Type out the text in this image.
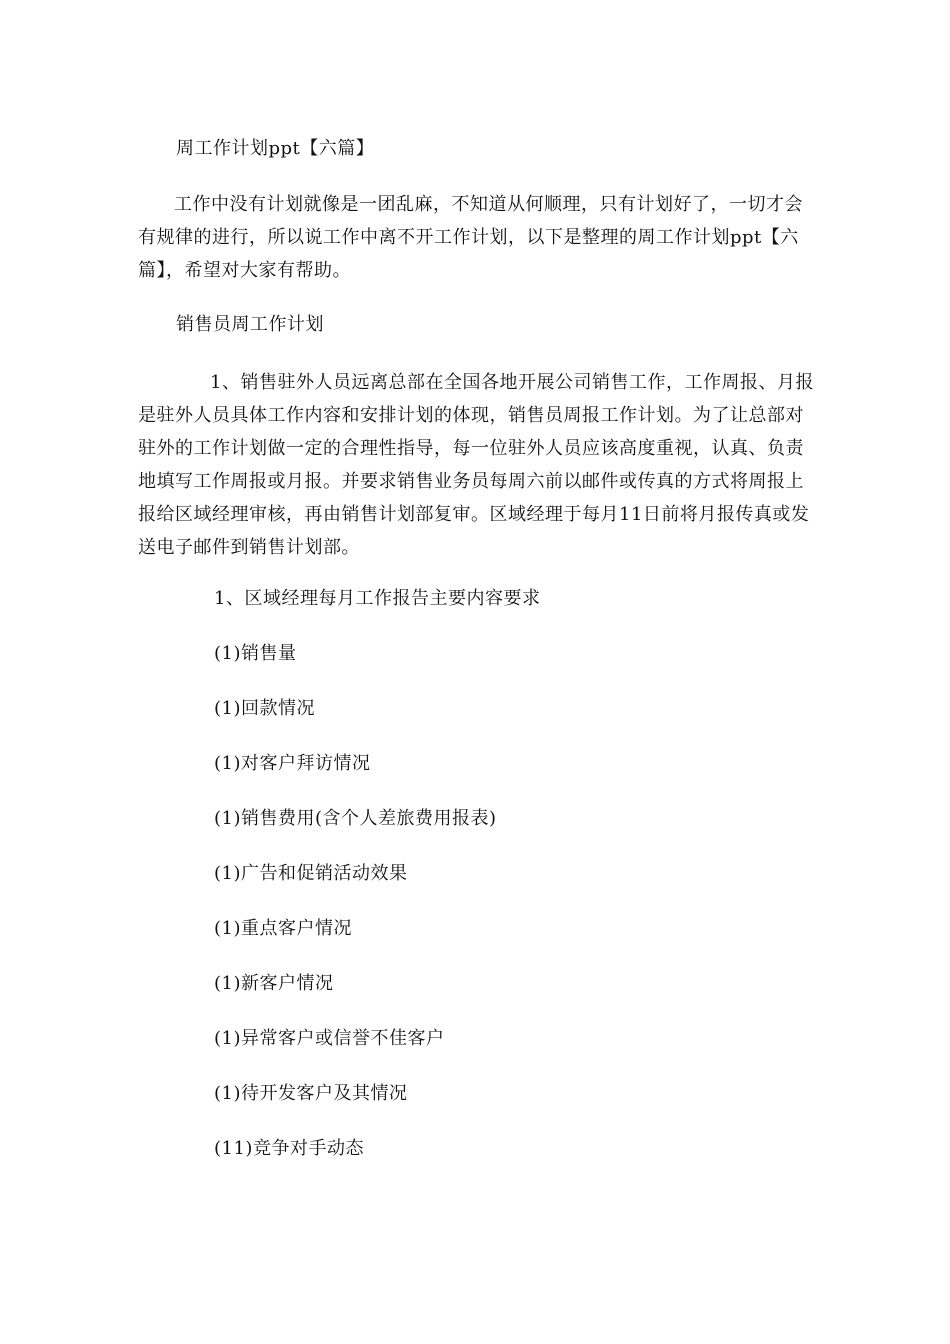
周工作计划ppt【六篇】
工作中没有计划就像是一团乱麻，不知道从何顺理，只有计划好了，一切才会有规律的进行，所以说工作中离不开工作计划，以下是整理的周工作计划ppt【六篇】，希望对大家有帮助。
销售员周工作计划
1、销售驻外人员远离总部在全国各地开展公司销售工作，工作周报、月报是驻外人员具体工作内容和安排计划的体现，销售员周报工作计划。为了让总部对驻外的工作计划做一定的合理性指导，每一位驻外人员应该高度重视，认真、负责地填写工作周报或月报。并要求销售业务员每周六前以邮件或传真的方式将周报上报给区域经理审核，再由销售计划部复审。区域经理于每月11日前将月报传真或发送电子邮件到销售计划部。
1、区域经理每月工作报告主要内容要求
(1)销售量
(1)回款情况
(1)对客户拜访情况
(1)销售费用(含个人差旅费用报表)
(1)广告和促销活动效果
(1)重点客户情况
(1)新客户情况
(1)异常客户或信誉不佳客户
(1)待开发客户及其情况
(11)竞争对手动态
